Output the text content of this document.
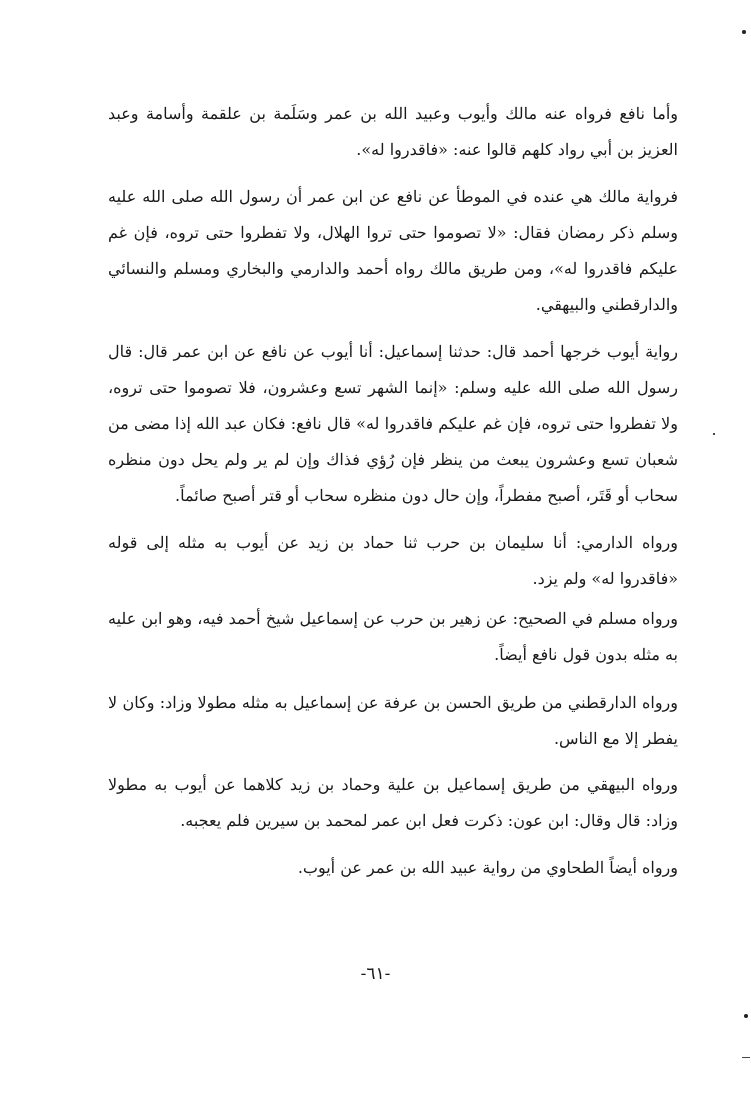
وأما نافع فرواه عنه مالك وأيوب وعبيد الله بن عمر وسَلَمة بن علقمة وأسامة وعبد العزيز بن أبي رواد كلهم قالوا عنه: «فاقدروا له».

فرواية مالك هي عنده في الموطأ عن نافع عن ابن عمر أن رسول الله صلى الله عليه وسلم ذكر رمضان فقال: «لا تصوموا حتى تروا الهلال، ولا تفطروا حتى تروه، فإن غم عليكم فاقدروا له»، ومن طريق مالك رواه أحمد والدارمي والبخاري ومسلم والنسائي والدارقطني والبيهقي.

رواية أيوب خرجها أحمد قال: حدثنا إسماعيل: أنا أيوب عن نافع عن ابن عمر قال: قال رسول الله صلى الله عليه وسلم: «إنما الشهر تسع وعشرون، فلا تصوموا حتى تروه، ولا تفطروا حتى تروه، فإن غم عليكم فاقدروا له» قال نافع: فكان عبد الله إذا مضى من شعبان تسع وعشرون يبعث من ينظر فإن رُؤي فذاك وإن لم ير ولم يحل دون منظره سحاب أو قَتَر، أصبح مفطراً، وإن حال دون منظره سحاب أو قتر أصبح صائماً.

ورواه الدارمي: أنا سليمان بن حرب ثنا حماد بن زيد عن أيوب به مثله إلى قوله «فاقدروا له» ولم يزد.

ورواه مسلم في الصحيح: عن زهير بن حرب عن إسماعيل شيخ أحمد فيه، وهو ابن عليه به مثله بدون قول نافع أيضاً.

ورواه الدارقطني من طريق الحسن بن عرفة عن إسماعيل به مثله مطولا وزاد: وكان لا يفطر إلا مع الناس.

ورواه البيهقي من طريق إسماعيل بن علية وحماد بن زيد كلاهما عن أيوب به مطولا وزاد: قال وقال: ابن عون: ذكرت فعل ابن عمر لمحمد بن سيرين فلم يعجبه.

ورواه أيضاً الطحاوي من رواية عبيد الله بن عمر عن أيوب.

-٦١-
